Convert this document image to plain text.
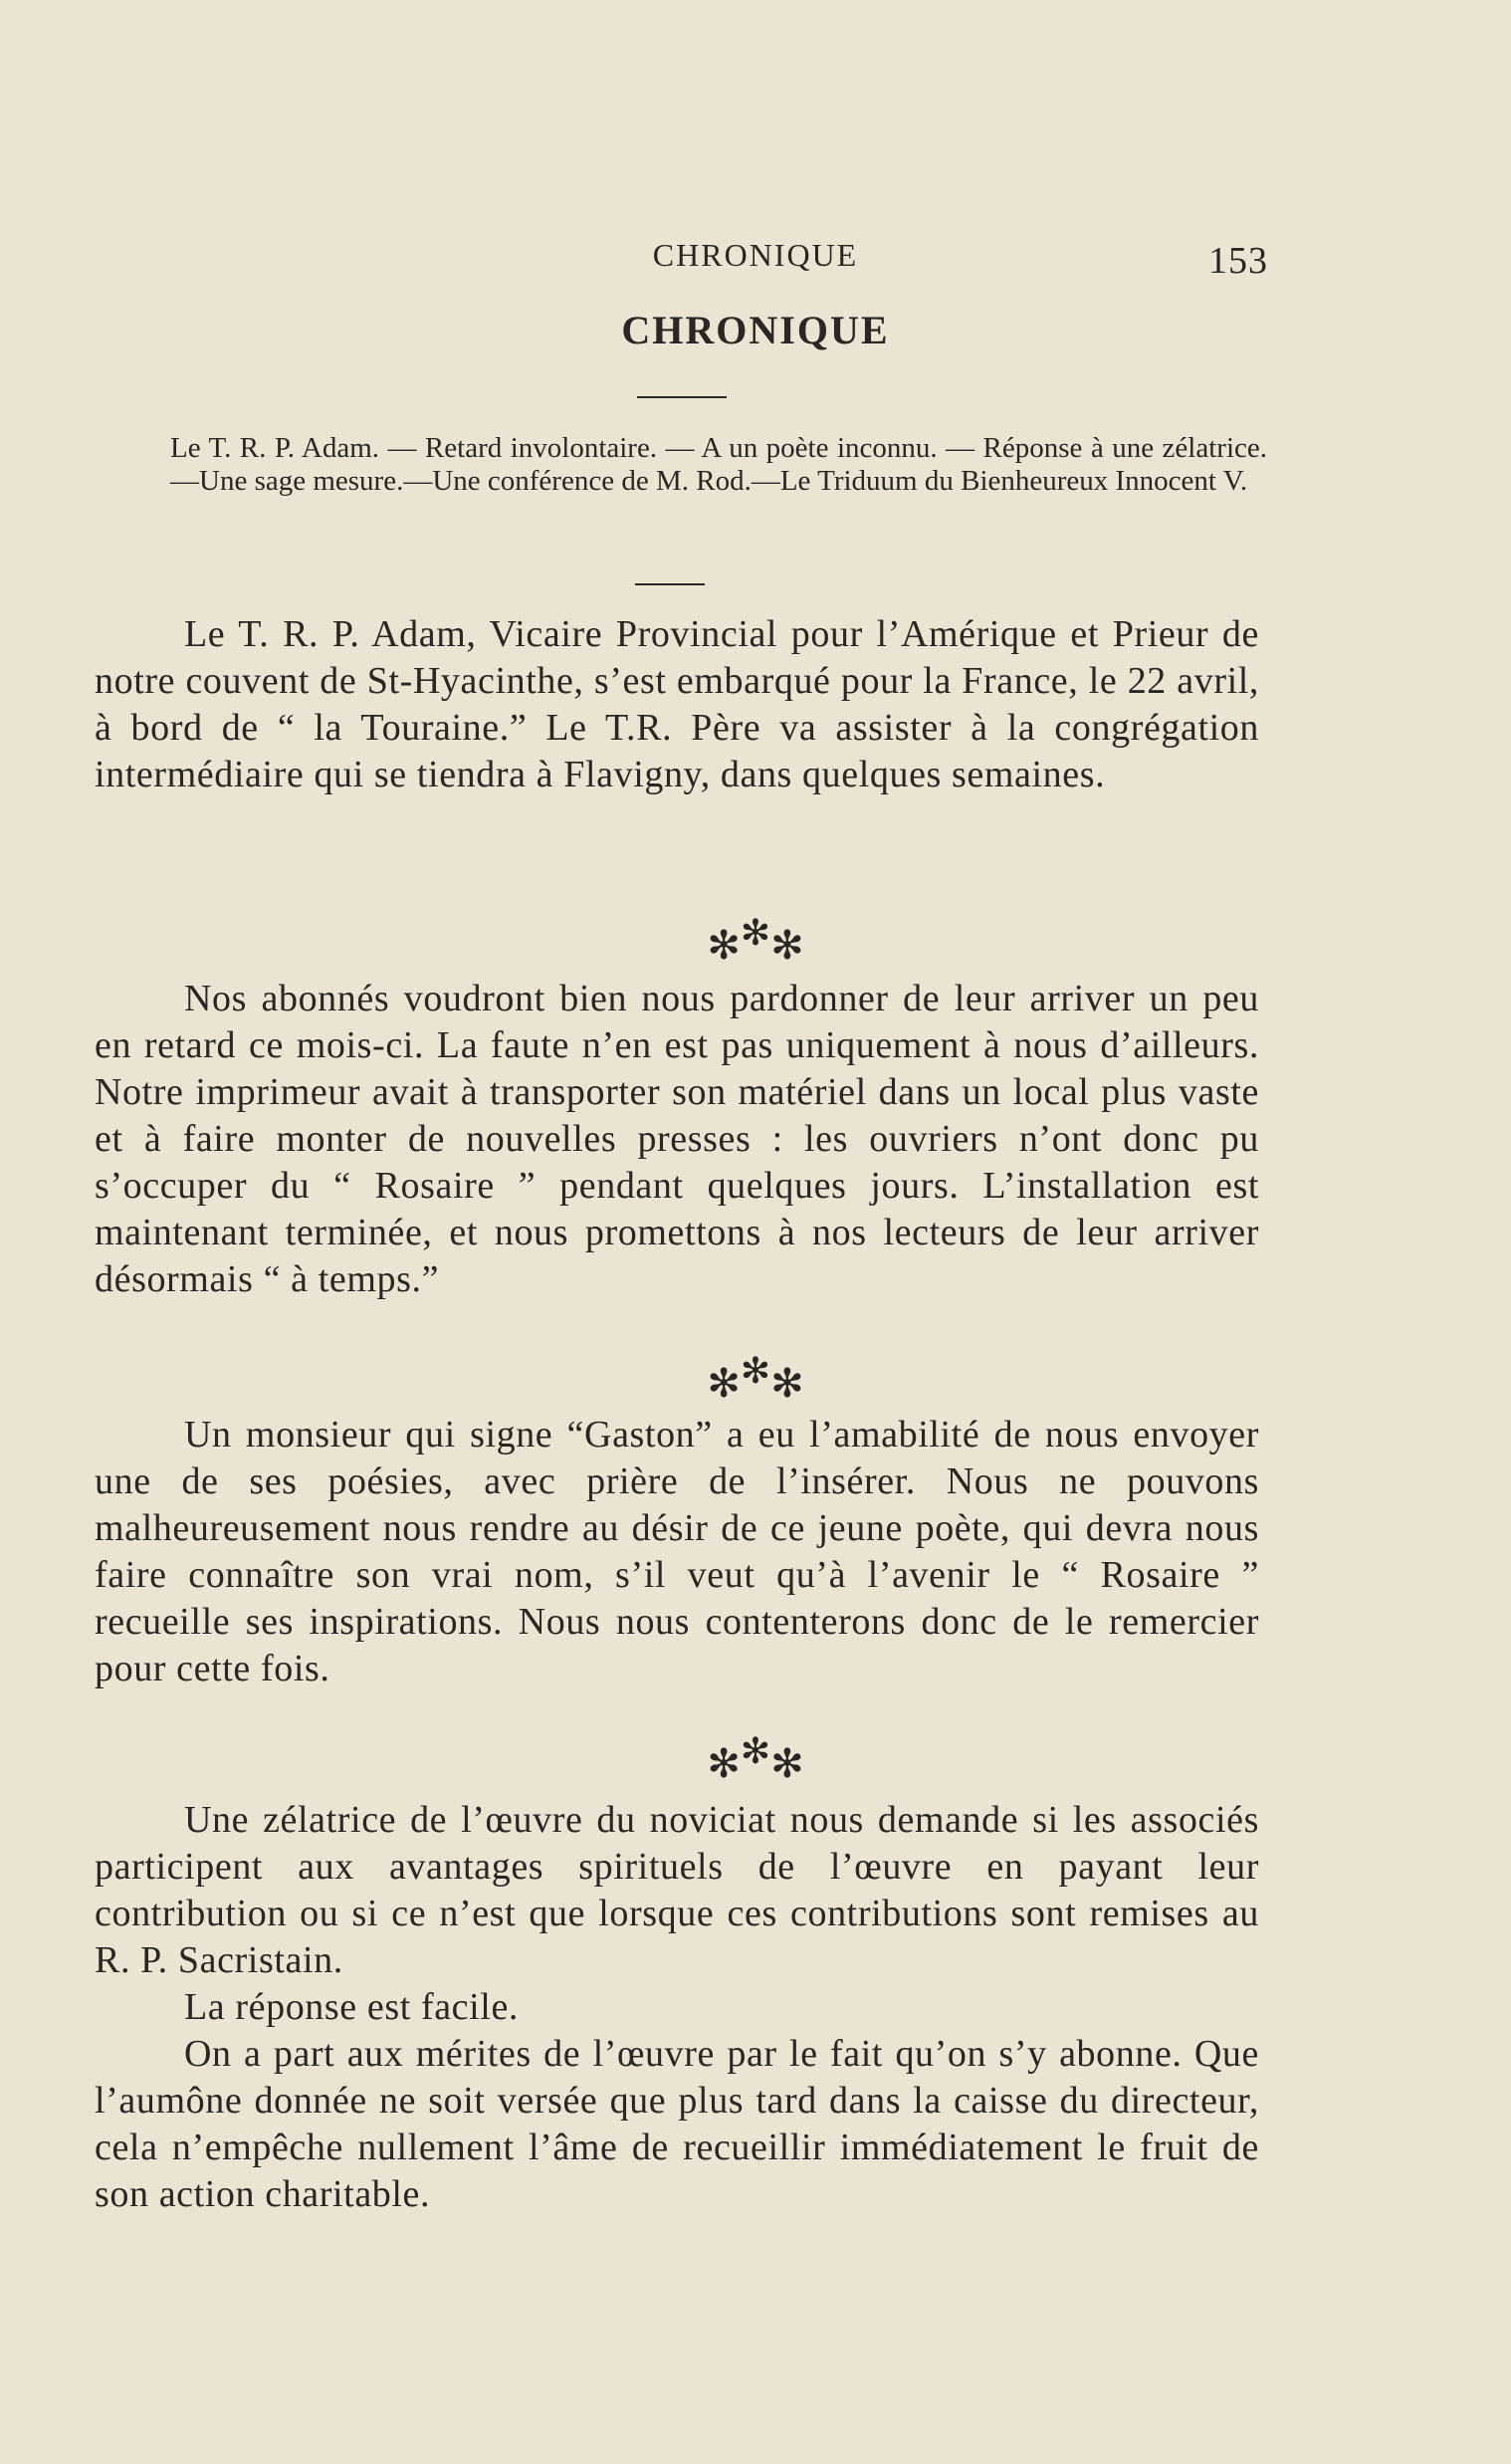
CHRONIQUE	153
CHRONIQUE
Le T. R. P. Adam. — Retard involontaire. — A un poète inconnu. — Réponse à une zélatrice.—Une sage mesure.—Une conférence de M. Rod.—Le Triduum du Bienheureux Innocent V.

Le T. R. P. Adam, Vicaire Provincial pour l’Amérique et Prieur de notre couvent de St-Hyacinthe, s’est embarqué pour la France, le 22 avril, à bord de “ la Touraine.” Le T.R. Père va assister à la congrégation intermédiaire qui se tiendra à Flavigny, dans quelques semaines.

✻✻✻

Nos abonnés voudront bien nous pardonner de leur arriver un peu en retard ce mois-ci. La faute n’en est pas uniquement à nous d’ailleurs. Notre imprimeur avait à transporter son matériel dans un local plus vaste et à faire monter de nouvelles presses : les ouvriers n’ont donc pu s’occuper du “ Rosaire ” pendant quelques jours. L’installation est maintenant terminée, et nous promettons à nos lecteurs de leur arriver désormais “ à temps.”

✻✻✻

Un monsieur qui signe “Gaston” a eu l’amabilité de nous envoyer une de ses poésies, avec prière de l’insérer. Nous ne pouvons malheureusement nous rendre au désir de ce jeune poète, qui devra nous faire connaître son vrai nom, s’il veut qu’à l’avenir le “ Rosaire ” recueille ses inspirations. Nous nous contenterons donc de le remercier pour cette fois.

✻✻✻

Une zélatrice de l’œuvre du noviciat nous demande si les associés participent aux avantages spirituels de l’œuvre en payant leur contribution ou si ce n’est que lorsque ces contributions sont remises au R. P. Sacristain.

La réponse est facile.

On a part aux mérites de l’œuvre par le fait qu’on s’y abonne. Que l’aumône donnée ne soit versée que plus tard dans la caisse du directeur, cela n’empêche nullement l’âme de recueillir immédiatement le fruit de son action charitable.
